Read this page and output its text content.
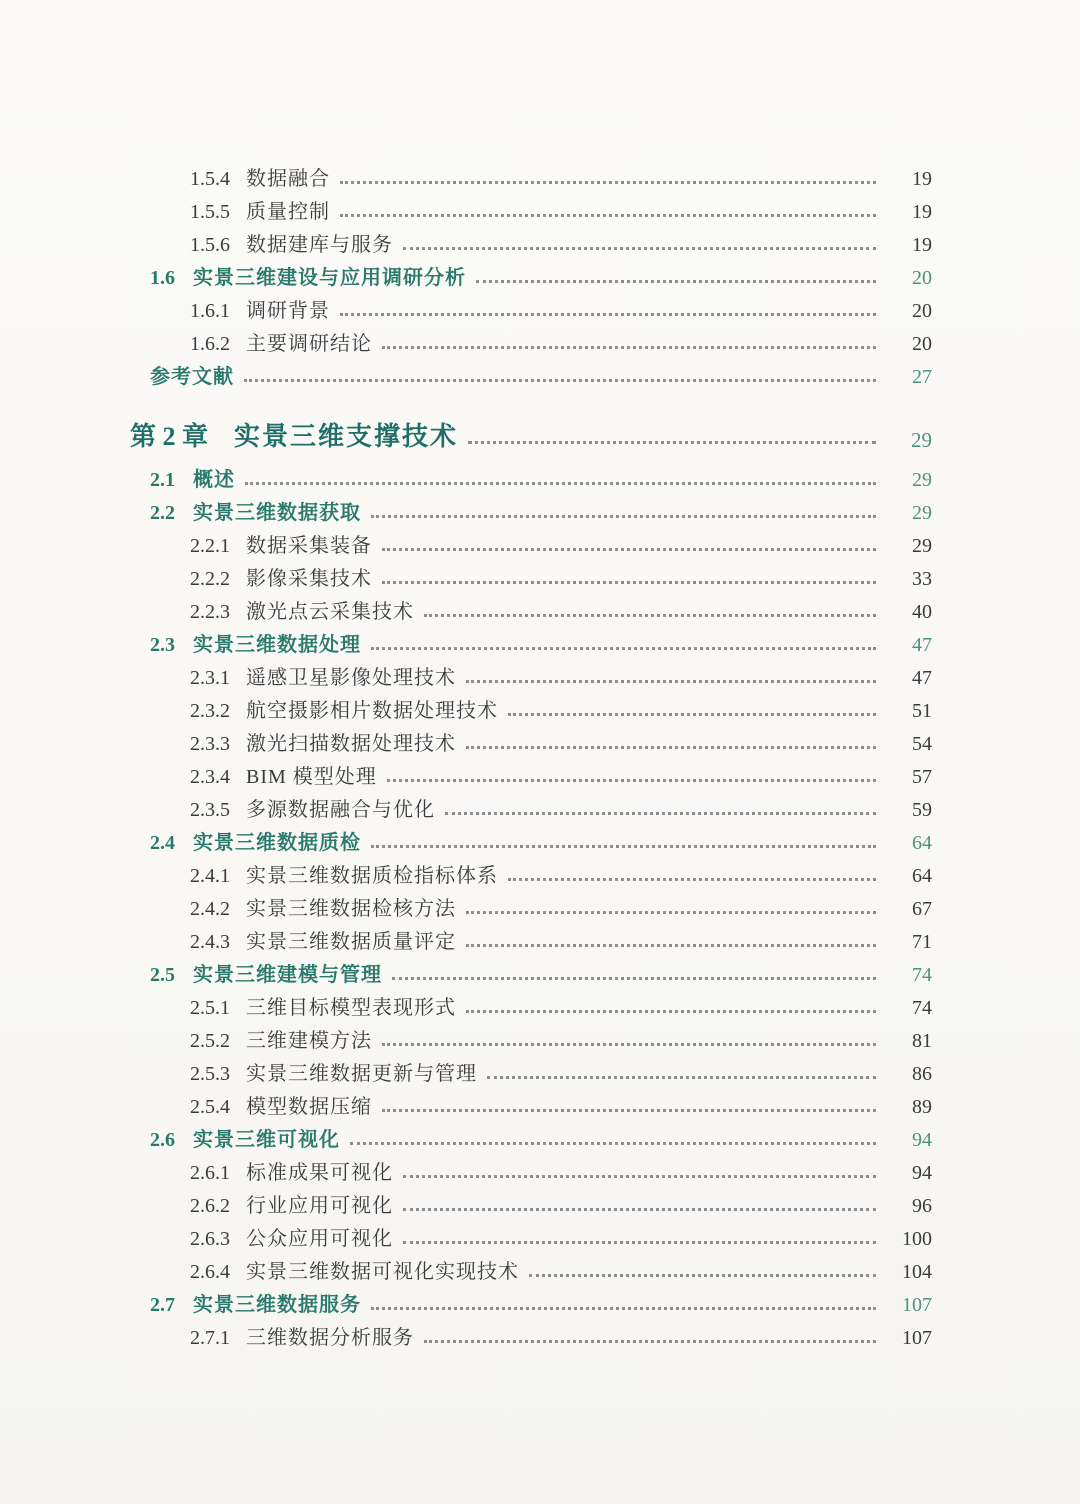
1.5.4 数据融合	19
1.5.5 质量控制	19
1.5.6 数据建库与服务	19
1.6 实景三维建设与应用调研分析	20
1.6.1 调研背景	20
1.6.2 主要调研结论	20
参考文献	27
第 2 章 实景三维支撑技术	29
2.1 概述	29
2.2 实景三维数据获取	29
2.2.1 数据采集装备	29
2.2.2 影像采集技术	33
2.2.3 激光点云采集技术	40
2.3 实景三维数据处理	47
2.3.1 遥感卫星影像处理技术	47
2.3.2 航空摄影相片数据处理技术	51
2.3.3 激光扫描数据处理技术	54
2.3.4 BIM 模型处理	57
2.3.5 多源数据融合与优化	59
2.4 实景三维数据质检	64
2.4.1 实景三维数据质检指标体系	64
2.4.2 实景三维数据检核方法	67
2.4.3 实景三维数据质量评定	71
2.5 实景三维建模与管理	74
2.5.1 三维目标模型表现形式	74
2.5.2 三维建模方法	81
2.5.3 实景三维数据更新与管理	86
2.5.4 模型数据压缩	89
2.6 实景三维可视化	94
2.6.1 标准成果可视化	94
2.6.2 行业应用可视化	96
2.6.3 公众应用可视化	100
2.6.4 实景三维数据可视化实现技术	104
2.7 实景三维数据服务	107
2.7.1 三维数据分析服务	107
